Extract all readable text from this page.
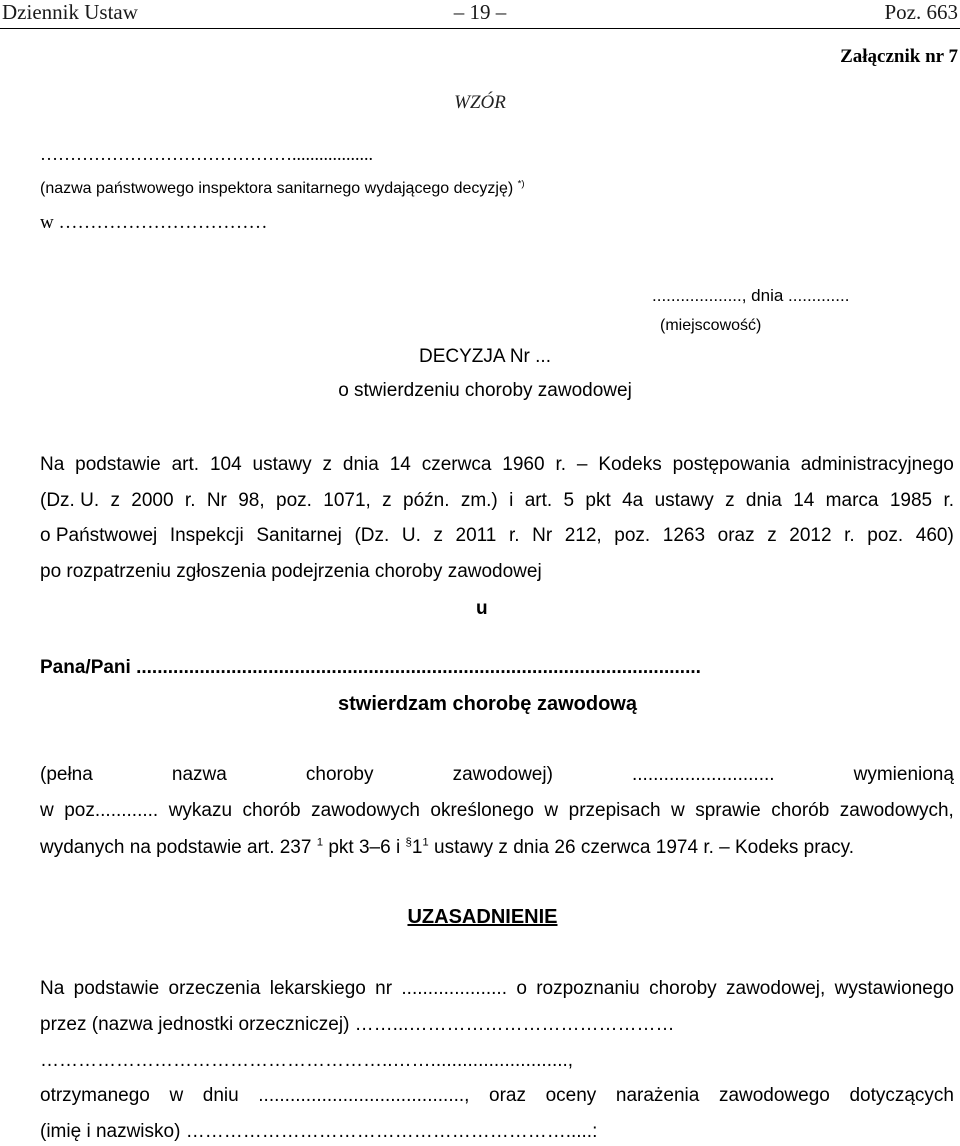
Dziennik Ustaw	– 19 –	Poz. 663
Załącznik nr 7
WZÓR
……………………………………..................
(nazwa państwowego inspektora sanitarnego wydającego decyzję) *)
w ……………………………
..................., dnia .............
(miejscowość)
DECYZJA Nr ...
o stwierdzeniu choroby zawodowej
Na podstawie art. 104 ustawy z dnia 14 czerwca 1960 r. – Kodeks postępowania administracyjnego
(Dz. U. z 2000 r. Nr 98, poz. 1071, z późn. zm.) i art. 5 pkt 4a ustawy z dnia 14 marca 1985 r.
o Państwowej Inspekcji Sanitarnej (Dz. U. z 2011 r. Nr 212, poz. 1263 oraz z 2012 r. poz. 460)
po rozpatrzeniu zgłoszenia podejrzenia choroby zawodowej
u
Pana/Pani ...........................................................................................................
stwierdzam chorobę zawodową
(pełna	nazwa	choroby	zawodowej)	...........................	wymienioną
w poz............ wykazu chorób zawodowych określonego w przepisach w sprawie chorób zawodowych,
wydanych na podstawie art. 237 $^1$ pkt 3–6 i $^\S 1^1$ ustawy z dnia 26 czerwca 1974 r. – Kodeks pracy.
UZASADNIENIE
Na podstawie orzeczenia lekarskiego nr .................... o rozpoznaniu choroby zawodowej, wystawionego
przez (nazwa jednostki orzeczniczej) ……...……………………………………
………………………………………………..……..........................,
otrzymanego w dniu ......................................., oraz oceny narażenia zawodowego dotyczących
(imię i nazwisko) …………………………………………………….....:
